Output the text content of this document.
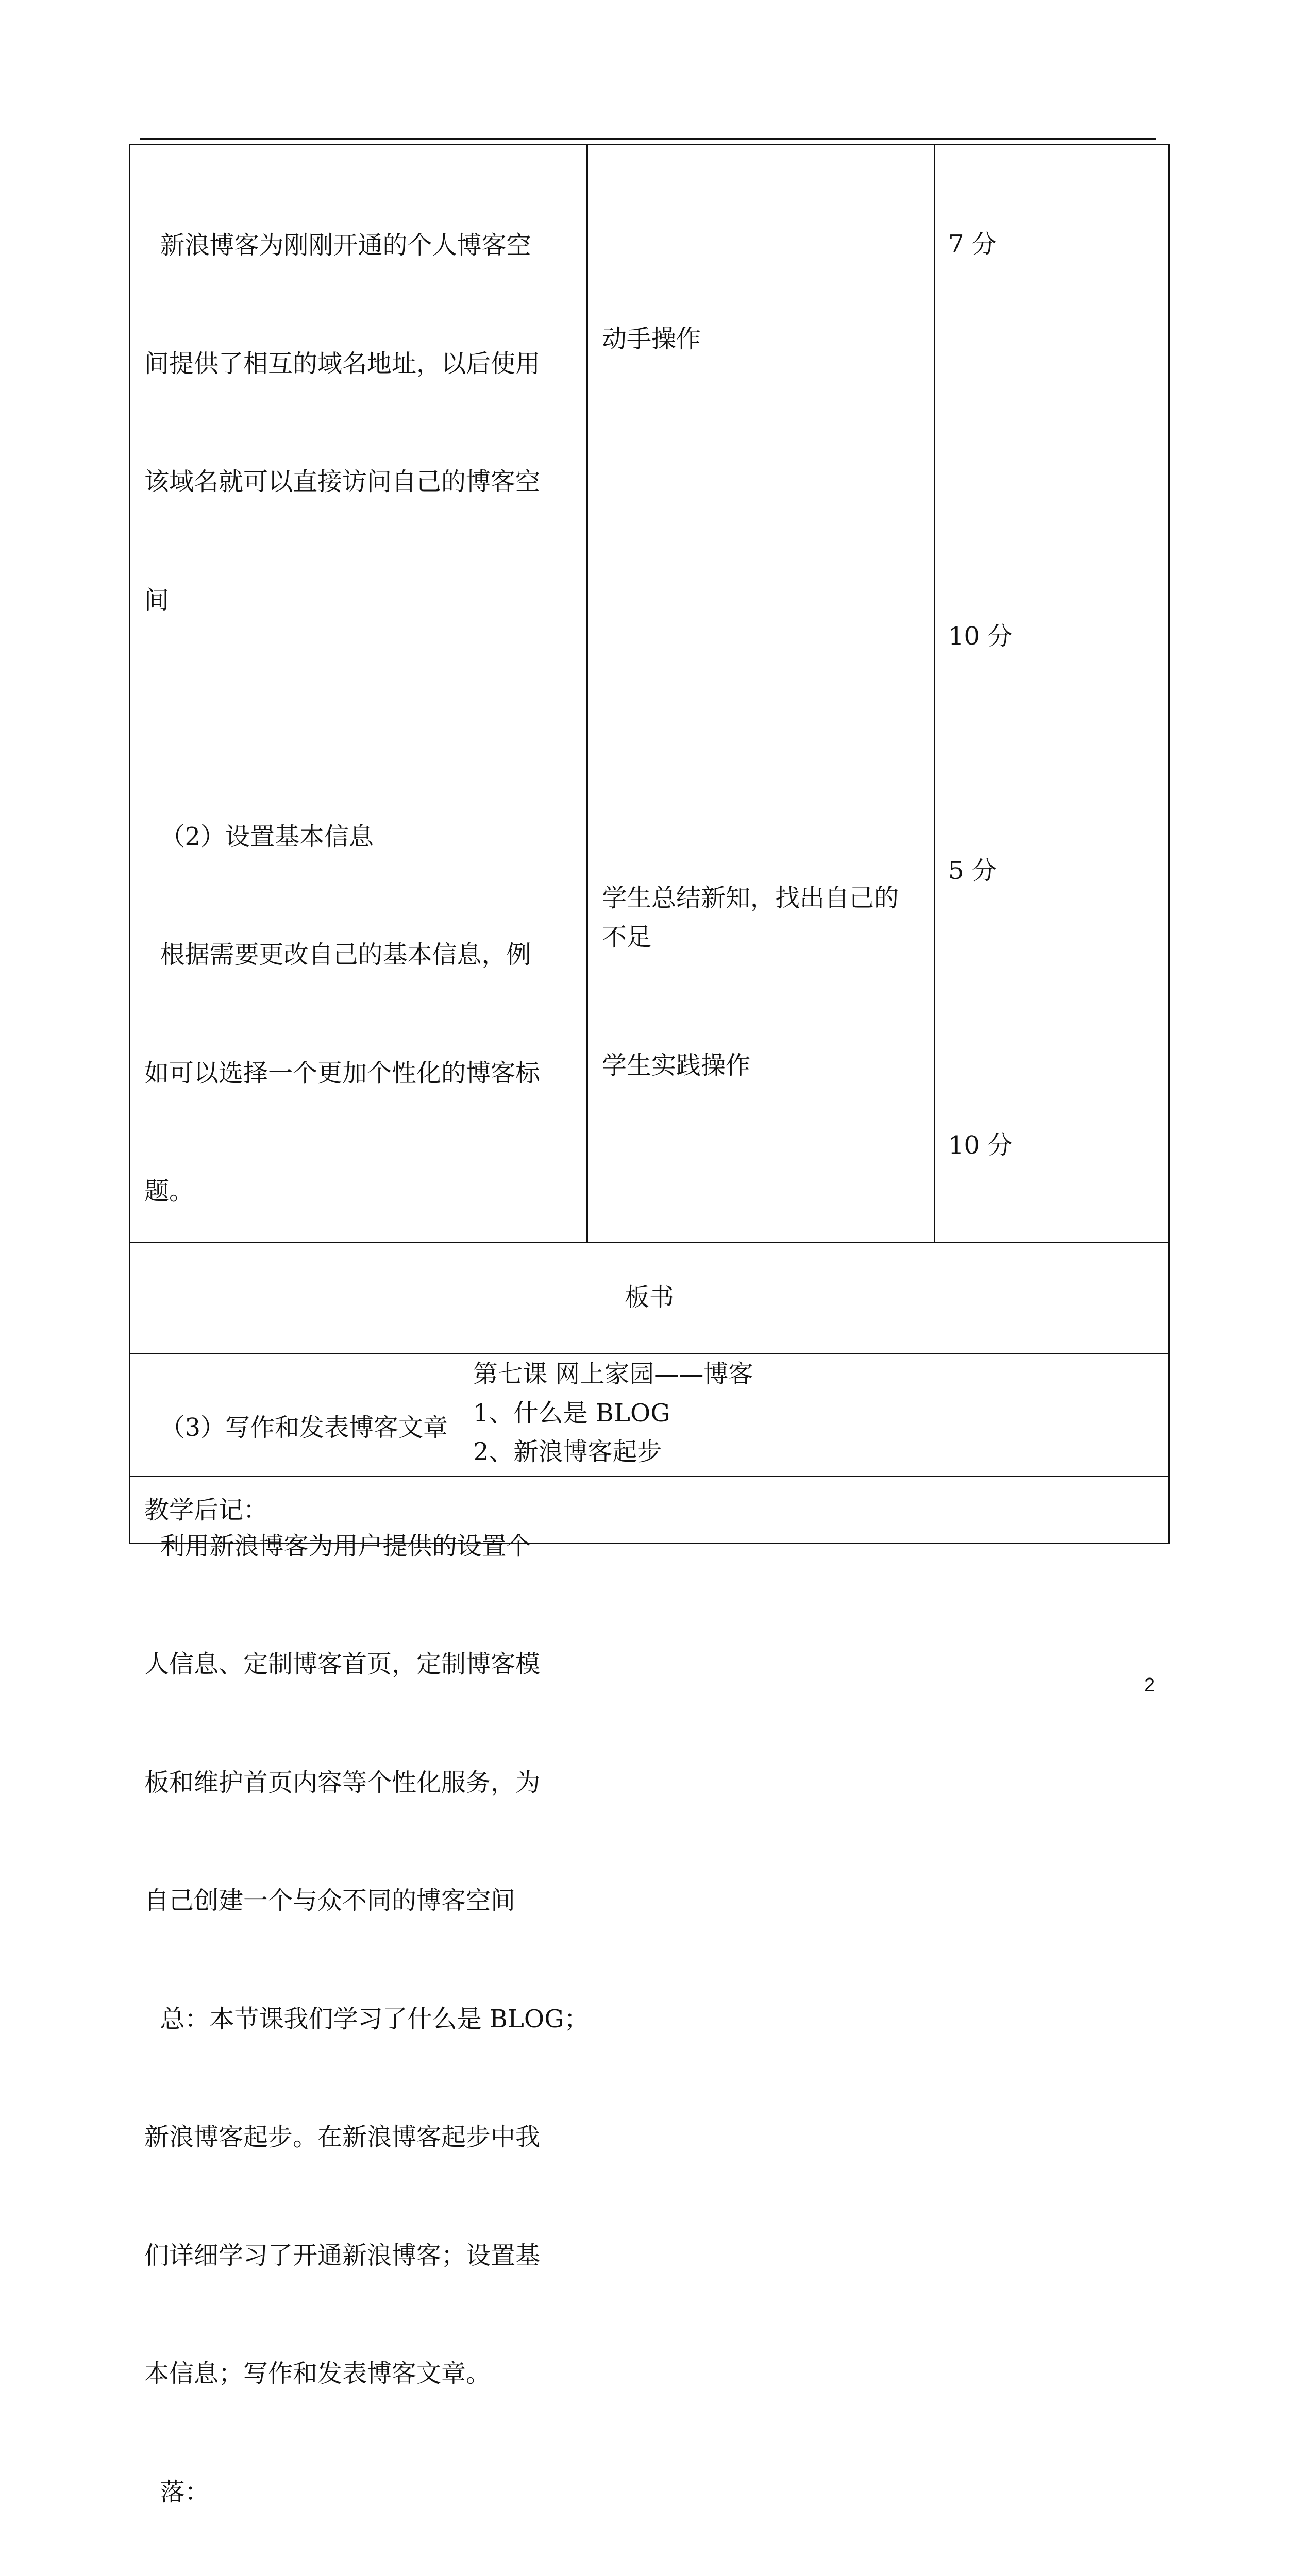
新浪博客为刚刚开通的个人博客空

间提供了相互的域名地址，以后使用

该域名就可以直接访问自己的博客空

间

（2）设置基本信息

根据需要更改自己的基本信息，例

如可以选择一个更加个性化的博客标

题。

（3）写作和发表博客文章

利用新浪博客为用户提供的设置个

人信息、定制博客首页，定制博客模

板和维护首页内容等个性化服务，为

自己创建一个与众不同的博客空间

总：本节课我们学习了什么是 BLOG；

新浪博客起步。在新浪博客起步中我

们详细学习了开通新浪博客；设置基

本信息；写作和发表博客文章。

落：

动手操作
学生总结新知，找出自己的
不足
学生实践操作
7 分
10 分
5 分
10 分
板书
第七课 网上家园——博客
1、什么是 BLOG
2、新浪博客起步
教学后记：
2
